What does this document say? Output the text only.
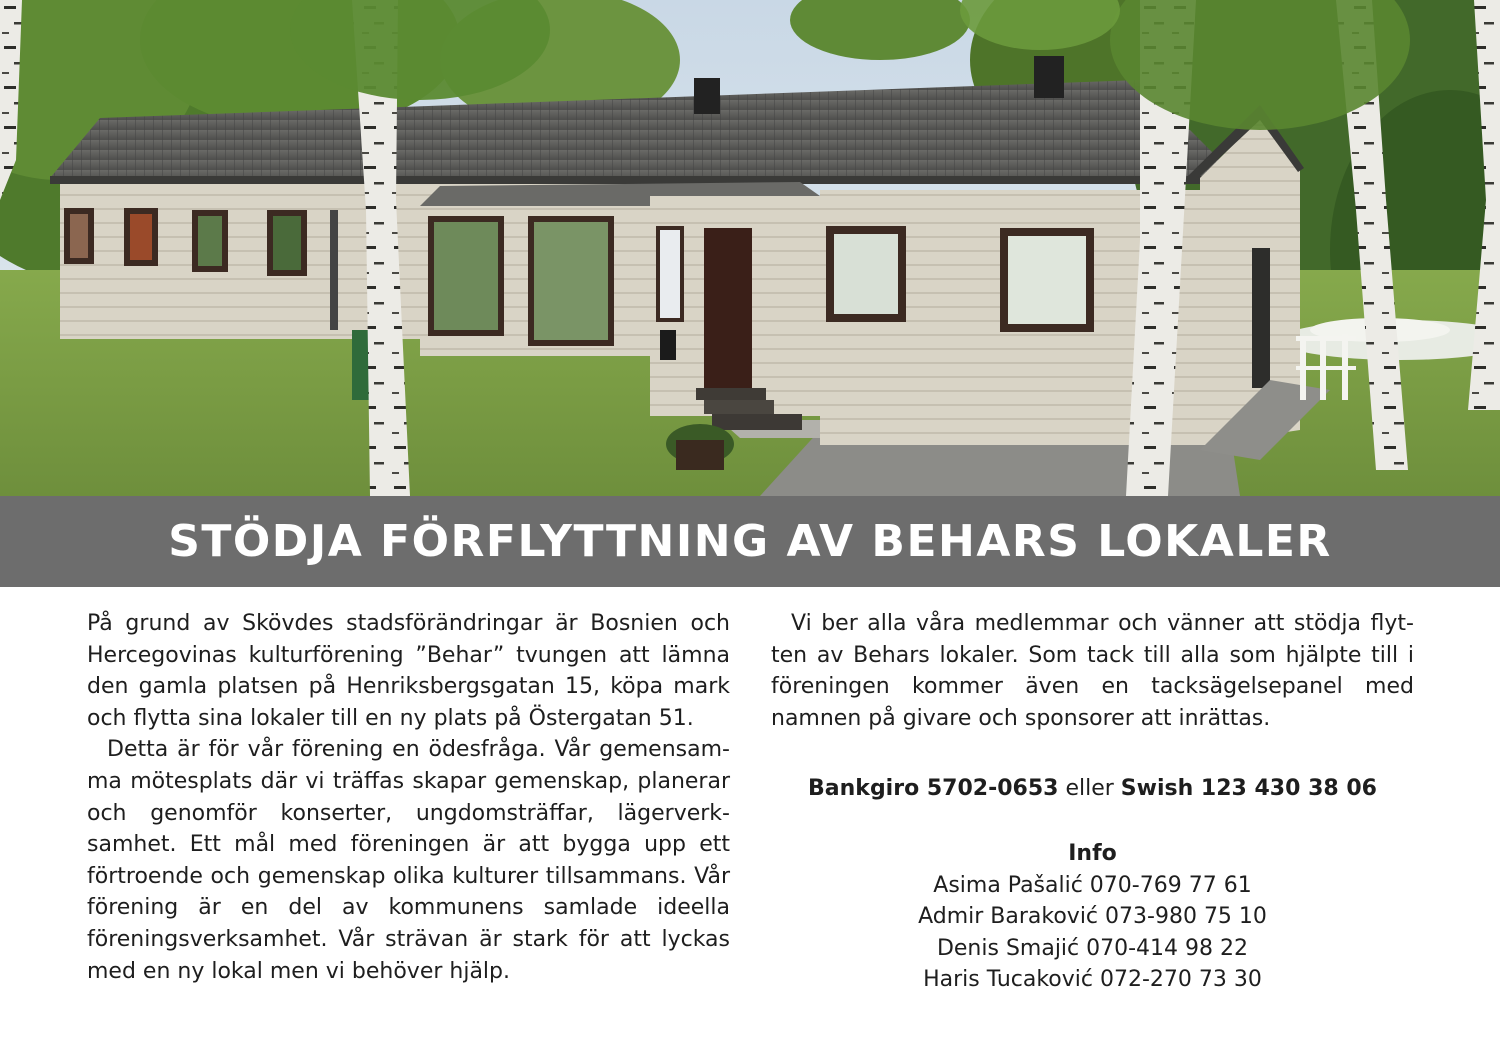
STÖDJA FÖRFLYTTNING AV BEHARS LOKALER

På grund av Skövdes stadsförändringar är Bosnien och Hercegovinas kulturförening ”Behar” tvungen att lämna den gamla platsen på Henriksbergsgatan 15, köpa mark och flytta sina lokaler till en ny plats på Östergatan 51.

Detta är för vår förening en ödesfråga. Vår gemensamma mötesplats där vi träffas skapar gemenskap, planerar och genomför konserter, ungdomsträffar, lägerverksamhet. Ett mål med föreningen är att bygga upp ett förtroende och gemenskap olika kulturer tillsammans. Vår förening är en del av kommunens samlade ideella föreningsverksamhet. Vår strävan är stark för att lyckas med en ny lokal men vi behöver hjälp.

Vi ber alla våra medlemmar och vänner att stödja flytten av Behars lokaler. Som tack till alla som hjälpte till i föreningen kommer även en tacksägelsepanel med namnen på givare och sponsorer att inrättas.

Bankgiro 5702-0653 eller Swish 123 430 38 06
Info
Asima Pašalić 070-769 77 61
Admir Baraković 073-980 75 10
Denis Smajić 070-414 98 22
Haris Tucaković 072-270 73 30
